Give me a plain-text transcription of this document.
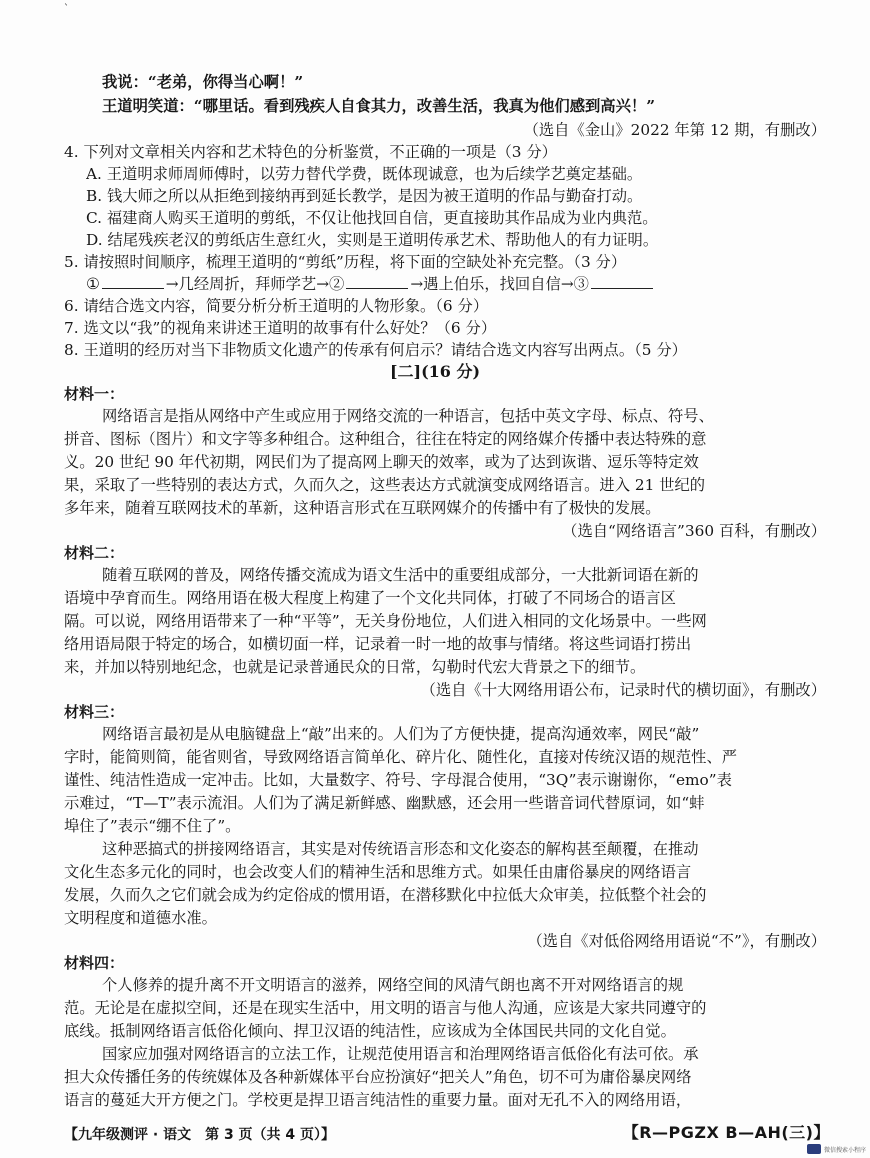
`
我说：“老弟，你得当心啊！”
王道明笑道：“哪里话。看到残疾人自食其力，改善生活，我真为他们感到高兴！”
（选自《金山》2022 年第 12 期，有删改）
4. 下列对文章相关内容和艺术特色的分析鉴赏，不正确的一项是（3 分）
A. 王道明求师周师傅时，以劳力替代学费，既体现诚意，也为后续学艺奠定基础。
B. 钱大师之所以从拒绝到接纳再到延长教学，是因为被王道明的作品与勤奋打动。
C. 福建商人购买王道明的剪纸，不仅让他找回自信，更直接助其作品成为业内典范。
D. 结尾残疾老汉的剪纸店生意红火，实则是王道明传承艺术、帮助他人的有力证明。
5. 请按照时间顺序，梳理王道明的“剪纸”历程，将下面的空缺处补充完整。（3 分）
①	→几经周折，拜师学艺→②	→遇上伯乐，找回自信→③
6. 请结合选文内容，简要分析分析王道明的人物形象。（6 分）
7. 选文以“我”的视角来讲述王道明的故事有什么好处？（6 分）
8. 王道明的经历对当下非物质文化遗产的传承有何启示？请结合选文内容写出两点。（5 分）
[二](16 分)
材料一：
网络语言是指从网络中产生或应用于网络交流的一种语言，包括中英文字母、标点、符号、
拼音、图标（图片）和文字等多种组合。这种组合，往往在特定的网络媒介传播中表达特殊的意
义。20 世纪 90 年代初期，网民们为了提高网上聊天的效率，或为了达到诙谐、逗乐等特定效
果，采取了一些特别的表达方式，久而久之，这些表达方式就演变成网络语言。进入 21 世纪的
多年来，随着互联网技术的革新，这种语言形式在互联网媒介的传播中有了极快的发展。
（选自“网络语言”360 百科，有删改）
材料二：
随着互联网的普及，网络传播交流成为语文生活中的重要组成部分，一大批新词语在新的
语境中孕育而生。网络用语在极大程度上构建了一个文化共同体，打破了不同场合的语言区
隔。可以说，网络用语带来了一种“平等”，无关身份地位，人们进入相同的文化场景中。一些网
络用语局限于特定的场合，如横切面一样，记录着一时一地的故事与情绪。将这些词语打捞出
来，并加以特别地纪念，也就是记录普通民众的日常，勾勒时代宏大背景之下的细节。
（选自《十大网络用语公布，记录时代的横切面》，有删改）
材料三：
网络语言最初是从电脑键盘上“敲”出来的。人们为了方便快捷，提高沟通效率，网民“敲”
字时，能简则简，能省则省，导致网络语言简单化、碎片化、随性化，直接对传统汉语的规范性、严
谨性、纯洁性造成一定冲击。比如，大量数字、符号、字母混合使用，“3Q”表示谢谢你，“emo”表
示难过，“T—T”表示流泪。人们为了满足新鲜感、幽默感，还会用一些谐音词代替原词，如“蚌
埠住了”表示“绷不住了”。
这种恶搞式的拼接网络语言，其实是对传统语言形态和文化姿态的解构甚至颠覆，在推动
文化生态多元化的同时，也会改变人们的精神生活和思维方式。如果任由庸俗暴戾的网络语言
发展，久而久之它们就会成为约定俗成的惯用语，在潜移默化中拉低大众审美，拉低整个社会的
文明程度和道德水准。
（选自《对低俗网络用语说“不”》，有删改）
材料四：
个人修养的提升离不开文明语言的滋养，网络空间的风清气朗也离不开对网络语言的规
范。无论是在虚拟空间，还是在现实生活中，用文明的语言与他人沟通，应该是大家共同遵守的
底线。抵制网络语言低俗化倾向、捍卫汉语的纯洁性，应该成为全体国民共同的文化自觉。
国家应加强对网络语言的立法工作，让规范使用语言和治理网络语言低俗化有法可依。承
担大众传播任务的传统媒体及各种新媒体平台应扮演好“把关人”角色，切不可为庸俗暴戾网络
语言的蔓延大开方便之门。学校更是捍卫语言纯洁性的重要力量。面对无孔不入的网络用语，
【九年级测评 · 语文　第 3 页（共 4 页）】	【R—PGZX B—AH(三)】
微信搜索小程序
